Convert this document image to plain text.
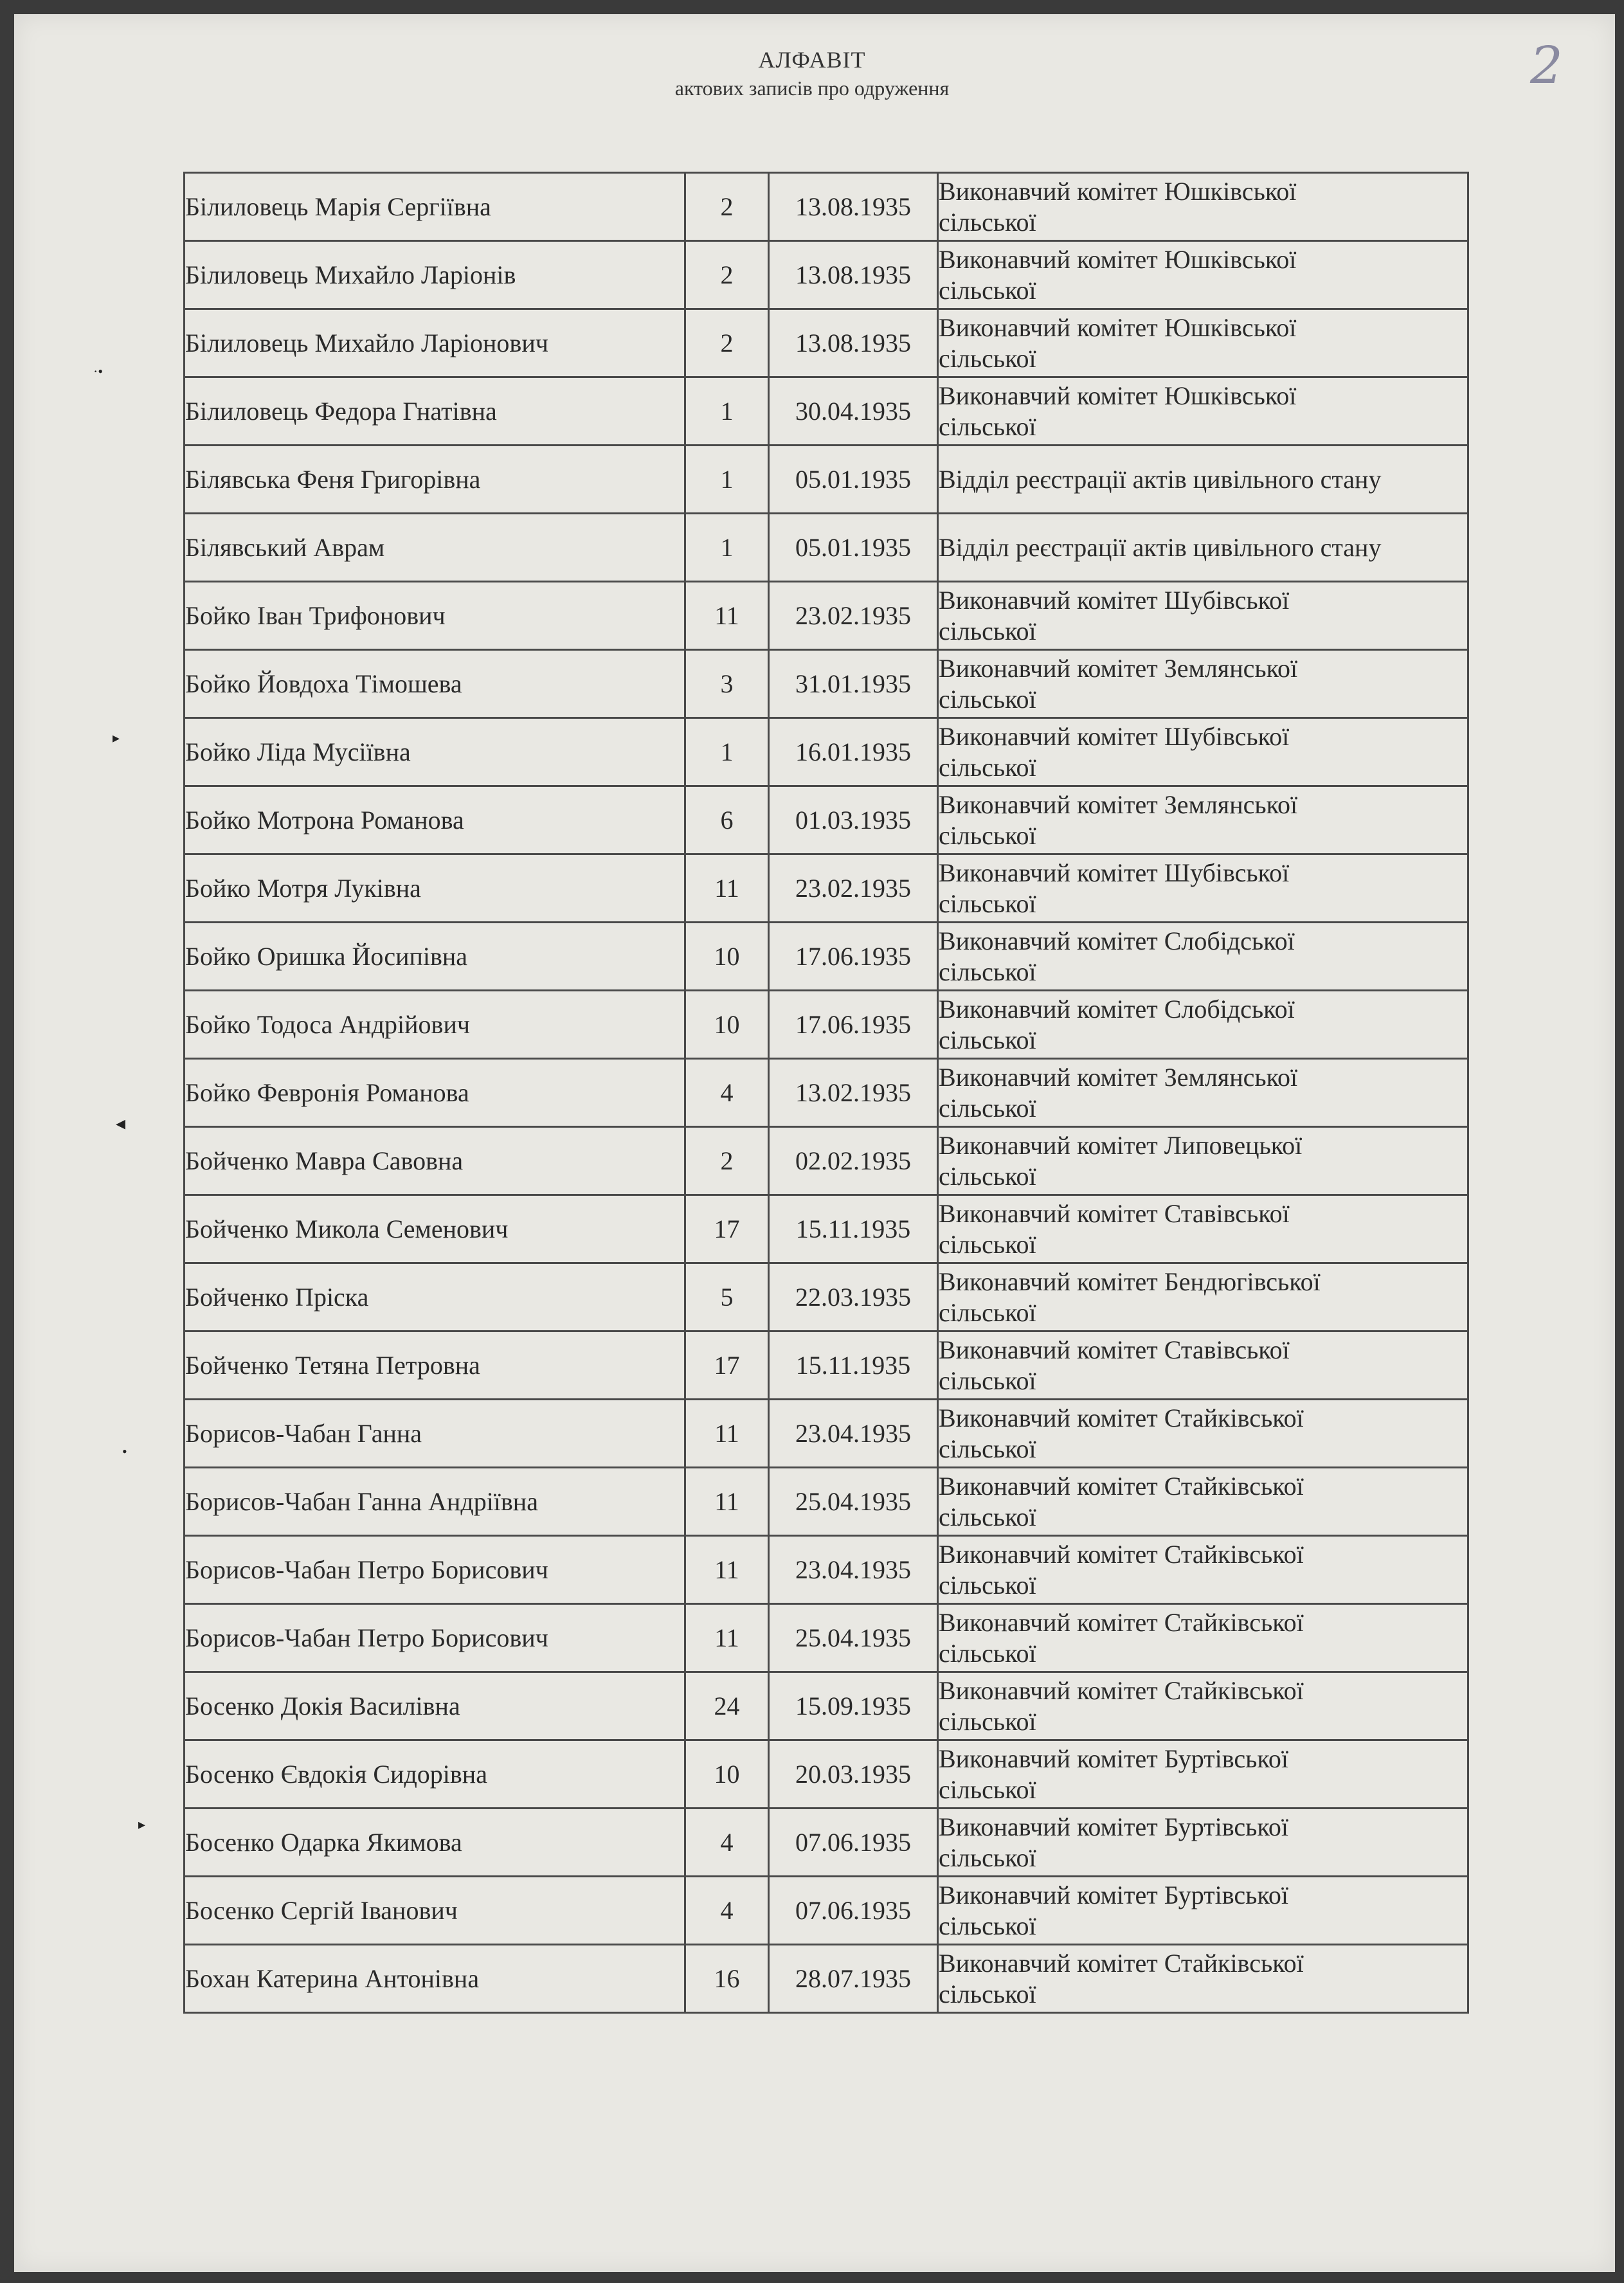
2
АЛФАВІТ
актових записів про одруження
Білиловець Марія Сергіївна	2	13.08.1935	Виконавчий комітет Юшківської
сільської

Білиловець Михайло Ларіонів	2	13.08.1935	Виконавчий комітет Юшківської
сільської

Білиловець Михайло Ларіонович	2	13.08.1935	Виконавчий комітет Юшківської
сільської

Білиловець Федора Гнатівна	1	30.04.1935	Виконавчий комітет Юшківської
сільської

Білявська Феня Григорівна	1	05.01.1935	Відділ реєстрації актів цивільного стану

Білявський Аврам	1	05.01.1935	Відділ реєстрації актів цивільного стану

Бойко Іван Трифонович	11	23.02.1935	Виконавчий комітет Шубівської
сільської

Бойко Йовдоха Тімошева	3	31.01.1935	Виконавчий комітет Землянської
сільської

Бойко Ліда Мусіївна	1	16.01.1935	Виконавчий комітет Шубівської
сільської

Бойко Мотрона Романова	6	01.03.1935	Виконавчий комітет Землянської
сільської

Бойко Мотря Луківна	11	23.02.1935	Виконавчий комітет Шубівської
сільської

Бойко Оришка Йосипівна	10	17.06.1935	Виконавчий комітет Слобідської
сільської

Бойко Тодоса Андрійович	10	17.06.1935	Виконавчий комітет Слобідської
сільської

Бойко Февронія Романова	4	13.02.1935	Виконавчий комітет Землянської
сільської

Бойченко Мавра Савовна	2	02.02.1935	Виконавчий комітет Липовецької
сільської

Бойченко Микола Семенович	17	15.11.1935	Виконавчий комітет Ставівської
сільської

Бойченко Пріска	5	22.03.1935	Виконавчий комітет Бендюгівської
сільської

Бойченко Тетяна Петровна	17	15.11.1935	Виконавчий комітет Ставівської
сільської

Борисов-Чабан Ганна	11	23.04.1935	Виконавчий комітет Стайківської
сільської

Борисов-Чабан Ганна Андріївна	11	25.04.1935	Виконавчий комітет Стайківської
сільської

Борисов-Чабан Петро Борисович	11	23.04.1935	Виконавчий комітет Стайківської
сільської

Борисов-Чабан Петро Борисович	11	25.04.1935	Виконавчий комітет Стайківської
сільської

Босенко Докія Василівна	24	15.09.1935	Виконавчий комітет Стайківської
сільської

Босенко Євдокія Сидорівна	10	20.03.1935	Виконавчий комітет Буртівської
сільської

Босенко Одарка Якимова	4	07.06.1935	Виконавчий комітет Буртівської
сільської

Босенко Сергій Іванович	4	07.06.1935	Виконавчий комітет Буртівської
сільської

Бохан Катерина Антонівна	16	28.07.1935	Виконавчий комітет Стайківської
сільської
·•
▸
◂
•
▸
